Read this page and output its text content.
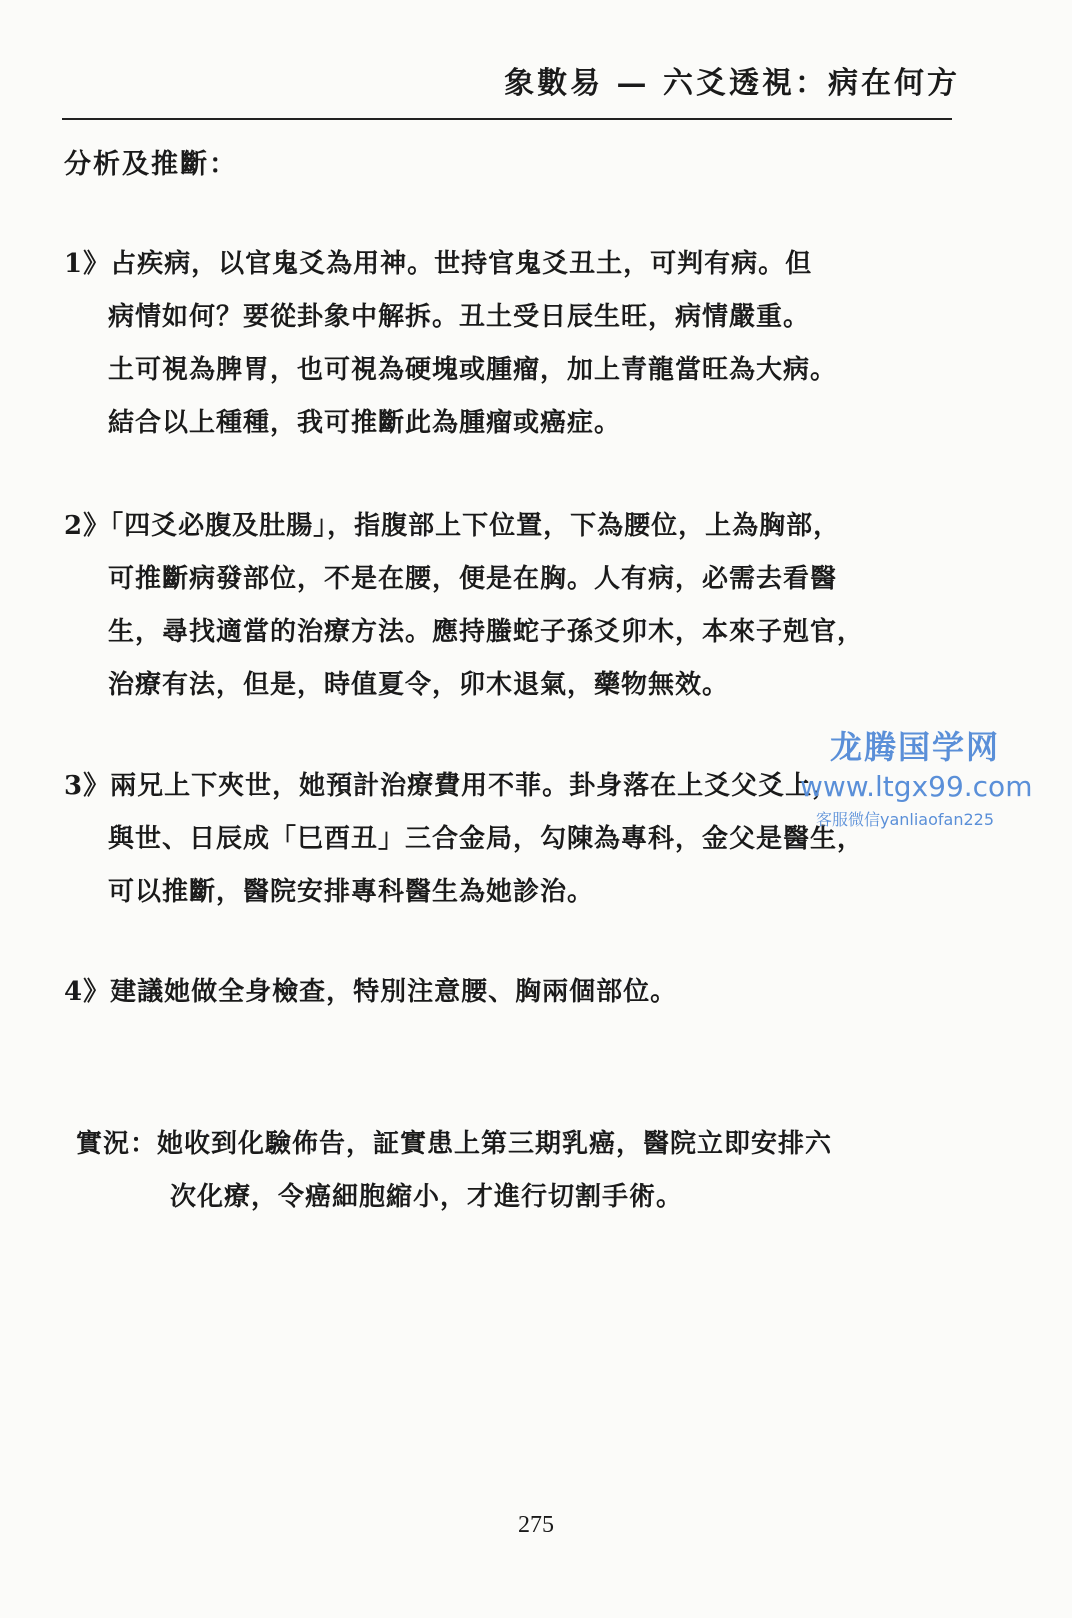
象數易 — 六爻透視：病在何方
分析及推斷：
1》占疾病，以官鬼爻為用神。世持官鬼爻丑土，可判有病。但
病情如何？要從卦象中解拆。丑土受日辰生旺，病情嚴重。
土可視為脾胃，也可視為硬塊或腫瘤，加上青龍當旺為大病。
結合以上種種，我可推斷此為腫瘤或癌症。
2》「四爻必腹及肚腸」，指腹部上下位置，下為腰位，上為胸部，
可推斷病發部位，不是在腰，便是在胸。人有病，必需去看醫
生，尋找適當的治療方法。應持螣蛇子孫爻卯木，本來子剋官，
治療有法，但是，時值夏令，卯木退氣，藥物無效。
3》兩兄上下夾世，她預計治療費用不菲。卦身落在上爻父爻上，
與世、日辰成「巳酉丑」三合金局，勾陳為專科，金父是醫生，
可以推斷，醫院安排專科醫生為她診治。
4》建議她做全身檢查，特別注意腰、胸兩個部位。
實況：她收到化驗佈告，証實患上第三期乳癌，醫院立即安排六
次化療，令癌細胞縮小，才進行切割手術。
龙腾国学网
www.ltgx99.com
客服微信yanliaofan225
275
